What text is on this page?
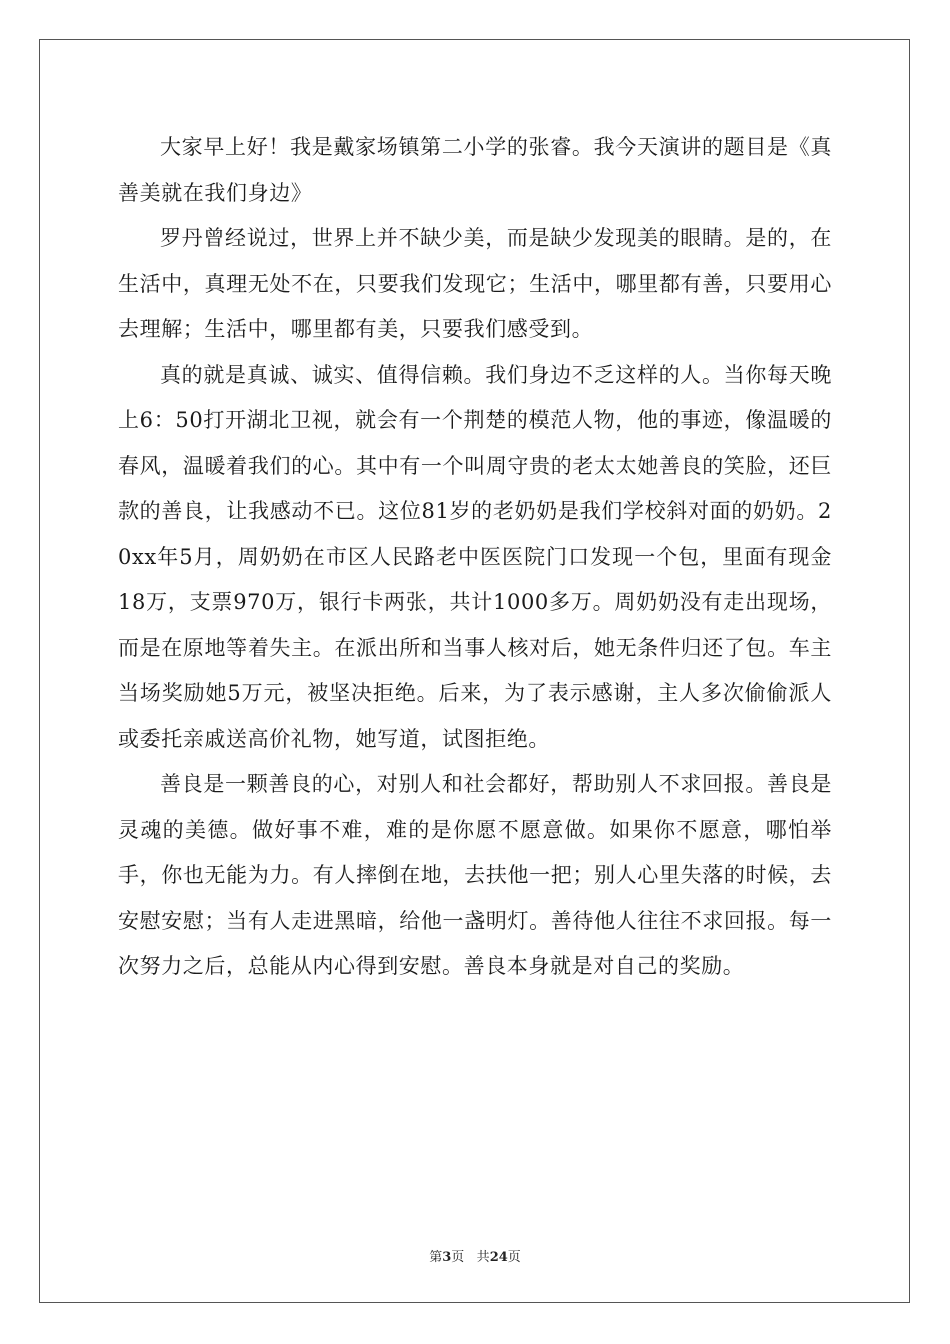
大家早上好！我是戴家场镇第二小学的张睿。我今天演讲的题目是《真善美就在我们身边》

罗丹曾经说过，世界上并不缺少美，而是缺少发现美的眼睛。是的，在生活中，真理无处不在，只要我们发现它；生活中，哪里都有善，只要用心去理解；生活中，哪里都有美，只要我们感受到。

真的就是真诚、诚实、值得信赖。我们身边不乏这样的人。当你每天晚上6：50打开湖北卫视，就会有一个荆楚的模范人物，他的事迹，像温暖的春风，温暖着我们的心。其中有一个叫周守贵的老太太她善良的笑脸，还巨款的善良，让我感动不已。这位81岁的老奶奶是我们学校斜对面的奶奶。20xx年5月，周奶奶在市区人民路老中医医院门口发现一个包，里面有现金18万，支票970万，银行卡两张，共计1000多万。周奶奶没有走出现场，而是在原地等着失主。在派出所和当事人核对后，她无条件归还了包。车主当场奖励她5万元，被坚决拒绝。后来，为了表示感谢，主人多次偷偷派人或委托亲戚送高价礼物，她写道，试图拒绝。

善良是一颗善良的心，对别人和社会都好，帮助别人不求回报。善良是灵魂的美德。做好事不难，难的是你愿不愿意做。如果你不愿意，哪怕举手，你也无能为力。有人摔倒在地，去扶他一把；别人心里失落的时候，去安慰安慰；当有人走进黑暗，给他一盏明灯。善待他人往往不求回报。每一次努力之后，总能从内心得到安慰。善良本身就是对自己的奖励。

第3页 共24页
